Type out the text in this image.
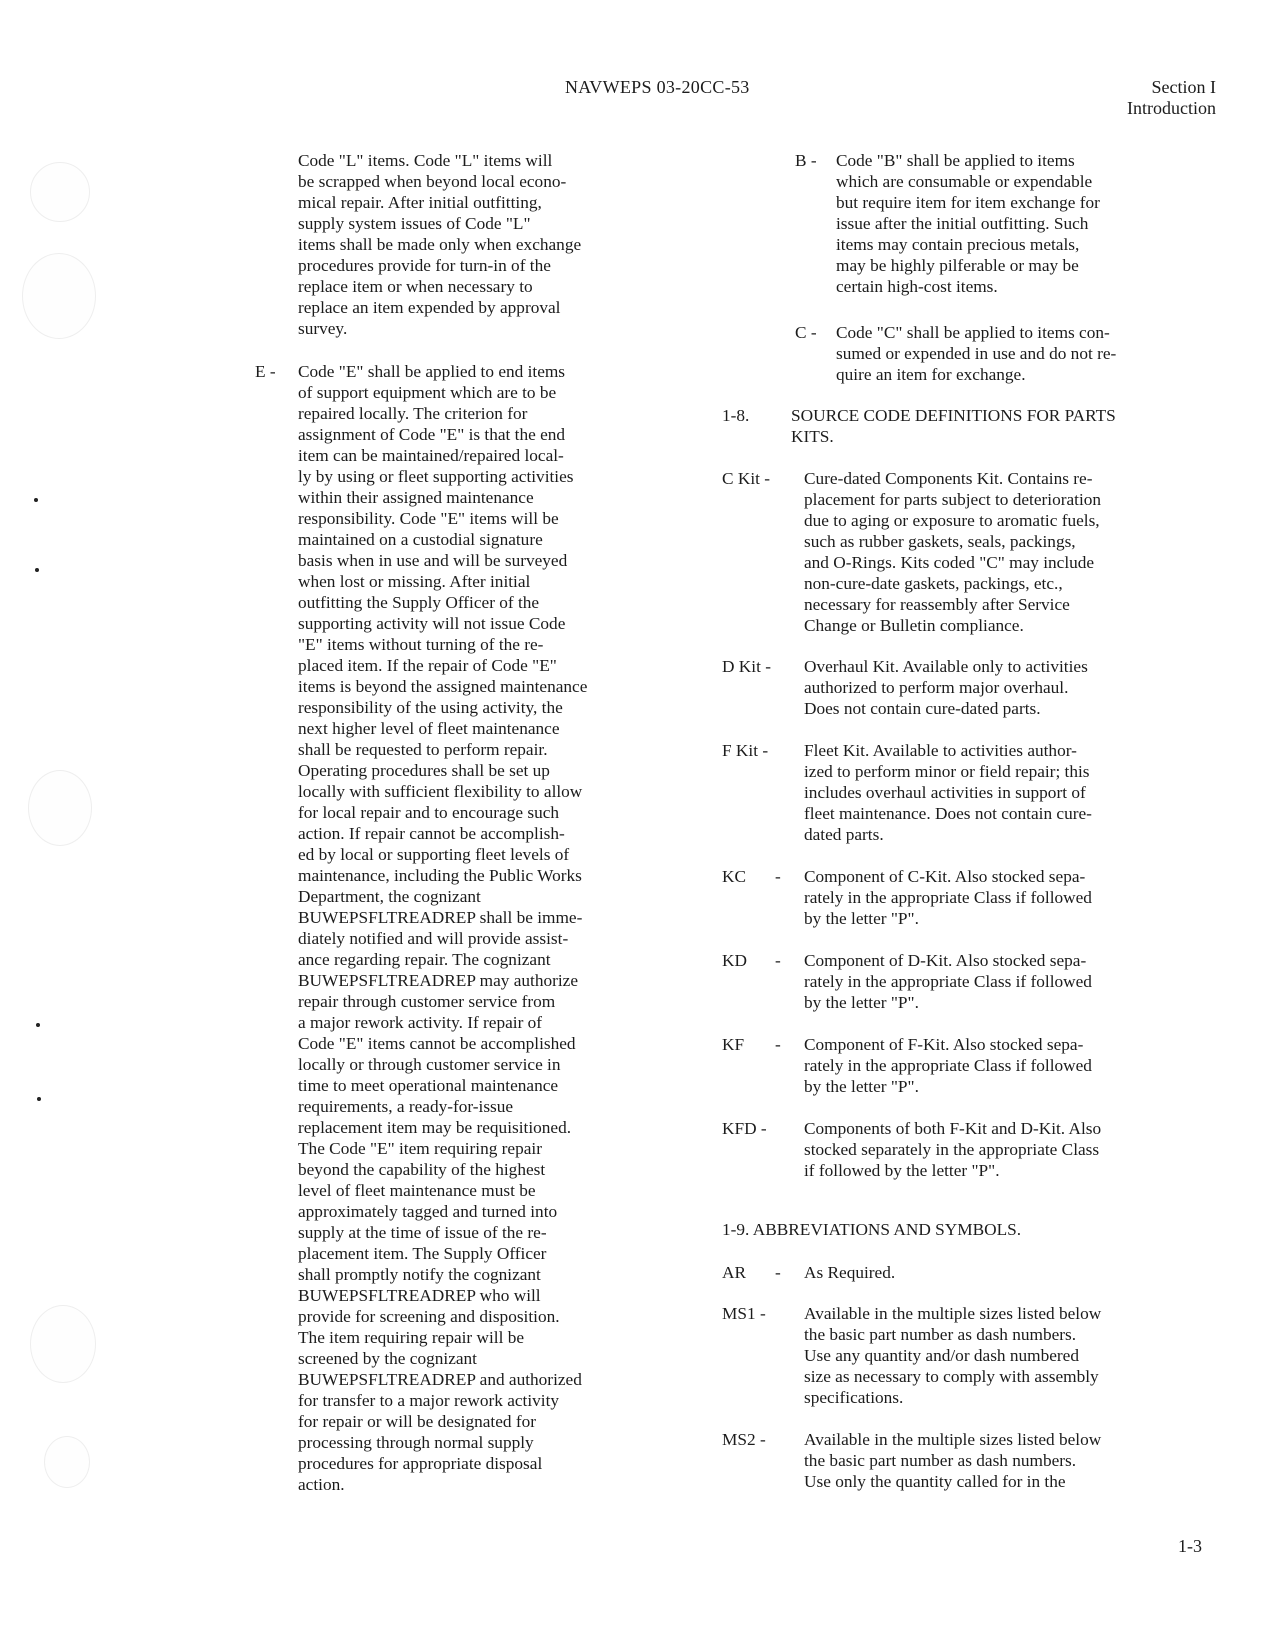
NAVWEPS 03-20CC-53	Section I
Introduction
Code "L" items. Code "L" items will
be scrapped when beyond local econo-
mical repair. After initial outfitting,
supply system issues of Code "L"
items shall be made only when exchange
procedures provide for turn-in of the
replace item or when necessary to
replace an item expended by approval
survey.
E - Code "E" shall be applied to end items
of support equipment which are to be
repaired locally. The criterion for
assignment of Code "E" is that the end
item can be maintained/repaired local-
ly by using or fleet supporting activities
within their assigned maintenance
responsibility. Code "E" items will be
maintained on a custodial signature
basis when in use and will be surveyed
when lost or missing. After initial
outfitting the Supply Officer of the
supporting activity will not issue Code
"E" items without turning of the re-
placed item. If the repair of Code "E"
items is beyond the assigned maintenance
responsibility of the using activity, the
next higher level of fleet maintenance
shall be requested to perform repair.
Operating procedures shall be set up
locally with sufficient flexibility to allow
for local repair and to encourage such
action. If repair cannot be accomplish-
ed by local or supporting fleet levels of
maintenance, including the Public Works
Department, the cognizant
BUWEPSFLTREADREP shall be imme-
diately notified and will provide assist-
ance regarding repair. The cognizant
BUWEPSFLTREADREP may authorize
repair through customer service from
a major rework activity. If repair of
Code "E" items cannot be accomplished
locally or through customer service in
time to meet operational maintenance
requirements, a ready-for-issue
replacement item may be requisitioned.
The Code "E" item requiring repair
beyond the capability of the highest
level of fleet maintenance must be
approximately tagged and turned into
supply at the time of issue of the re-
placement item. The Supply Officer
shall promptly notify the cognizant
BUWEPSFLTREADREP who will
provide for screening and disposition.
The item requiring repair will be
screened by the cognizant
BUWEPSFLTREADREP and authorized
for transfer to a major rework activity
for repair or will be designated for
processing through normal supply
procedures for appropriate disposal
action.
B - Code "B" shall be applied to items
which are consumable or expendable
but require item for item exchange for
issue after the initial outfitting. Such
items may contain precious metals,
may be highly pilferable or may be
certain high-cost items.
C - Code "C" shall be applied to items con-
sumed or expended in use and do not re-
quire an item for exchange.
1-8. SOURCE CODE DEFINITIONS FOR PARTS
KITS.
C Kit - Cure-dated Components Kit. Contains re-
placement for parts subject to deterioration
due to aging or exposure to aromatic fuels,
such as rubber gaskets, seals, packings,
and O-Rings. Kits coded "C" may include
non-cure-date gaskets, packings, etc.,
necessary for reassembly after Service
Change or Bulletin compliance.
D Kit - Overhaul Kit. Available only to activities
authorized to perform major overhaul.
Does not contain cure-dated parts.
F Kit - Fleet Kit. Available to activities author-
ized to perform minor or field repair; this
includes overhaul activities in support of
fleet maintenance. Does not contain cure-
dated parts.
KC - Component of C-Kit. Also stocked sepa-
rately in the appropriate Class if followed
by the letter "P".
KD - Component of D-Kit. Also stocked sepa-
rately in the appropriate Class if followed
by the letter "P".
KF - Component of F-Kit. Also stocked sepa-
rately in the appropriate Class if followed
by the letter "P".
KFD - Components of both F-Kit and D-Kit. Also
stocked separately in the appropriate Class
if followed by the letter "P".
1-9. ABBREVIATIONS AND SYMBOLS.
AR - As Required.
MS1 - Available in the multiple sizes listed below
the basic part number as dash numbers.
Use any quantity and/or dash numbered
size as necessary to comply with assembly
specifications.
MS2 - Available in the multiple sizes listed below
the basic part number as dash numbers.
Use only the quantity called for in the
1-3
